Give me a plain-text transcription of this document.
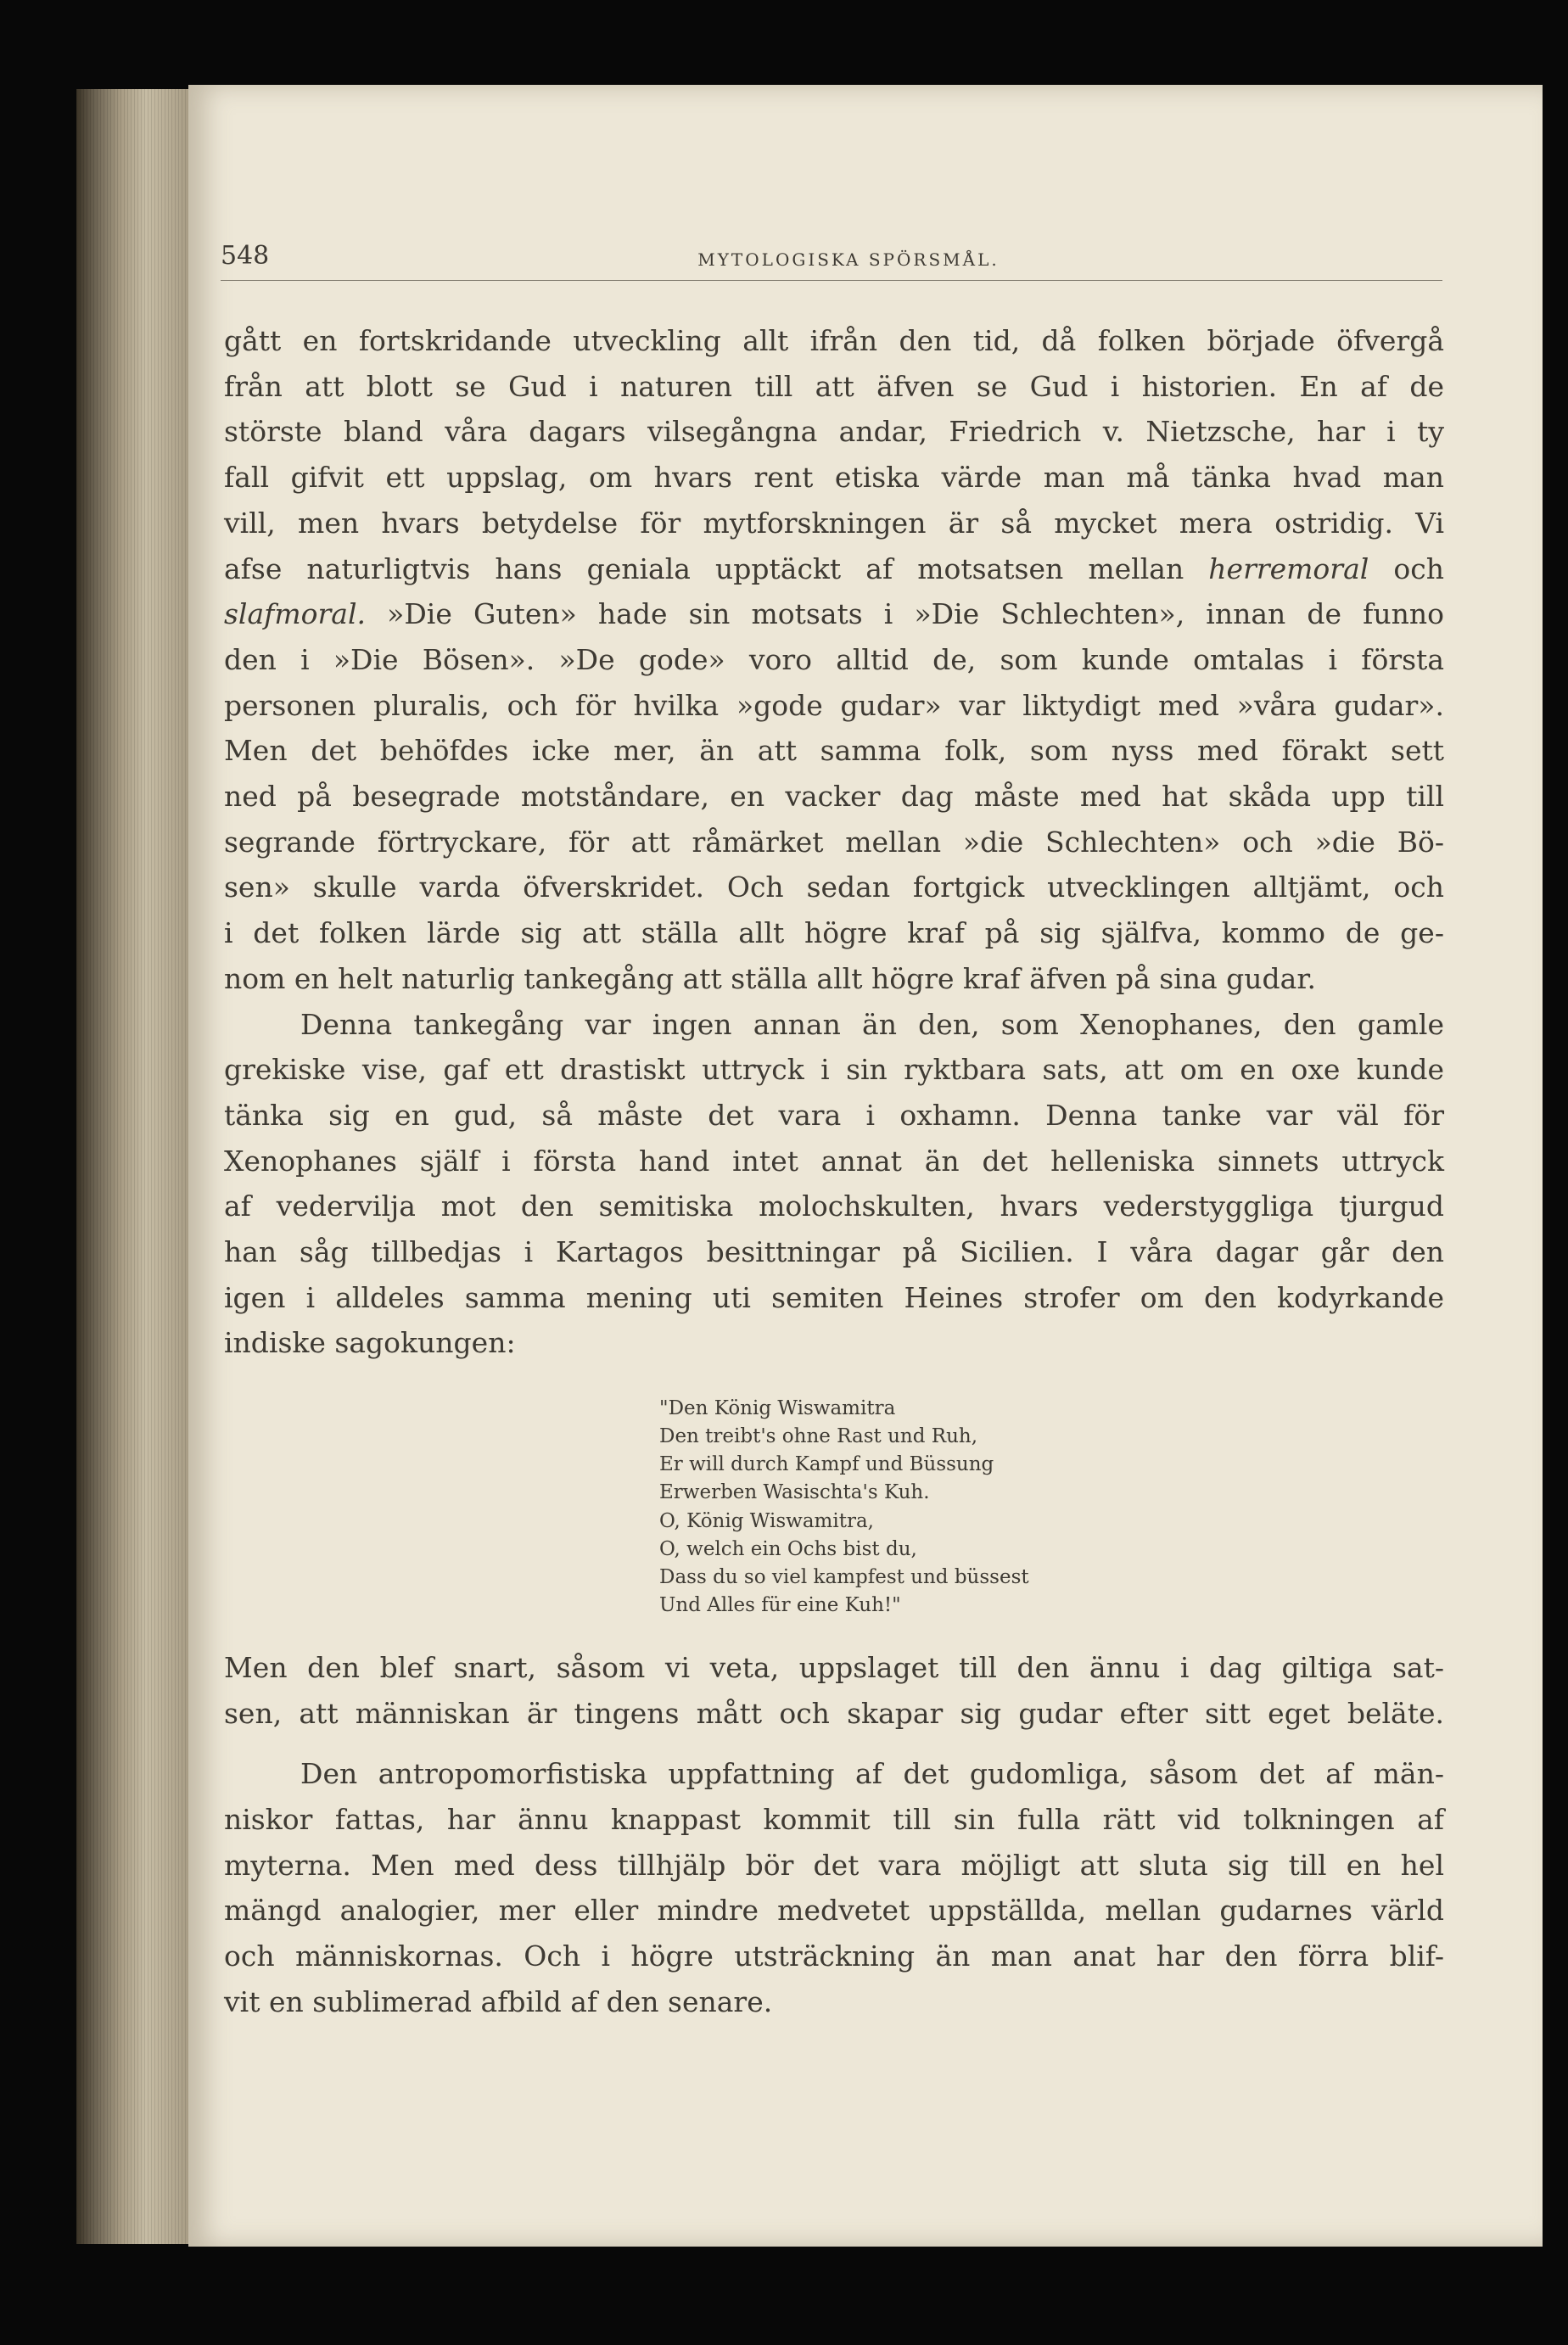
548	MYTOLOGISKA SPÖRSMÅL.
gått en fortskridande utveckling allt ifrån den tid, då folken började öfvergå
från att blott se Gud i naturen till att äfven se Gud i historien. En af de
störste bland våra dagars vilsegångna andar, Friedrich v. Nietzsche, har i ty
fall gifvit ett uppslag, om hvars rent etiska värde man må tänka hvad man
vill, men hvars betydelse för mytforskningen är så mycket mera ostridig. Vi
afse naturligtvis hans geniala upptäckt af motsatsen mellan herremoral och
slafmoral. »Die Guten» hade sin motsats i »Die Schlechten», innan de funno
den i »Die Bösen». »De gode» voro alltid de, som kunde omtalas i första
personen pluralis, och för hvilka »gode gudar» var liktydigt med »våra gudar».
Men det behöfdes icke mer, än att samma folk, som nyss med förakt sett
ned på besegrade motståndare, en vacker dag måste med hat skåda upp till
segrande förtryckare, för att råmärket mellan »die Schlechten» och »die Bö-
sen» skulle varda öfverskridet. Och sedan fortgick utvecklingen alltjämt, och
i det folken lärde sig att ställa allt högre kraf på sig själfva, kommo de ge-
nom en helt naturlig tankegång att ställa allt högre kraf äfven på sina gudar.
Denna tankegång var ingen annan än den, som Xenophanes, den gamle
grekiske vise, gaf ett drastiskt uttryck i sin ryktbara sats, att om en oxe kunde
tänka sig en gud, så måste det vara i oxhamn. Denna tanke var väl för
Xenophanes själf i första hand intet annat än det helleniska sinnets uttryck
af vedervilja mot den semitiska molochskulten, hvars vederstyggliga tjurgud
han såg tillbedjas i Kartagos besittningar på Sicilien. I våra dagar går den
igen i alldeles samma mening uti semiten Heines strofer om den kodyrkande
indiske sagokungen:
"Den König Wiswamitra
Den treibt's ohne Rast und Ruh,
Er will durch Kampf und Büssung
Erwerben Wasischta's Kuh.
O, König Wiswamitra,
O, welch ein Ochs bist du,
Dass du so viel kampfest und büssest
Und Alles für eine Kuh!"
Men den blef snart, såsom vi veta, uppslaget till den ännu i dag giltiga sat-
sen, att människan är tingens mått och skapar sig gudar efter sitt eget beläte.
Den antropomorfistiska uppfattning af det gudomliga, såsom det af män-
niskor fattas, har ännu knappast kommit till sin fulla rätt vid tolkningen af
myterna. Men med dess tillhjälp bör det vara möjligt att sluta sig till en hel
mängd analogier, mer eller mindre medvetet uppställda, mellan gudarnes värld
och människornas. Och i högre utsträckning än man anat har den förra blif-
vit en sublimerad afbild af den senare.
